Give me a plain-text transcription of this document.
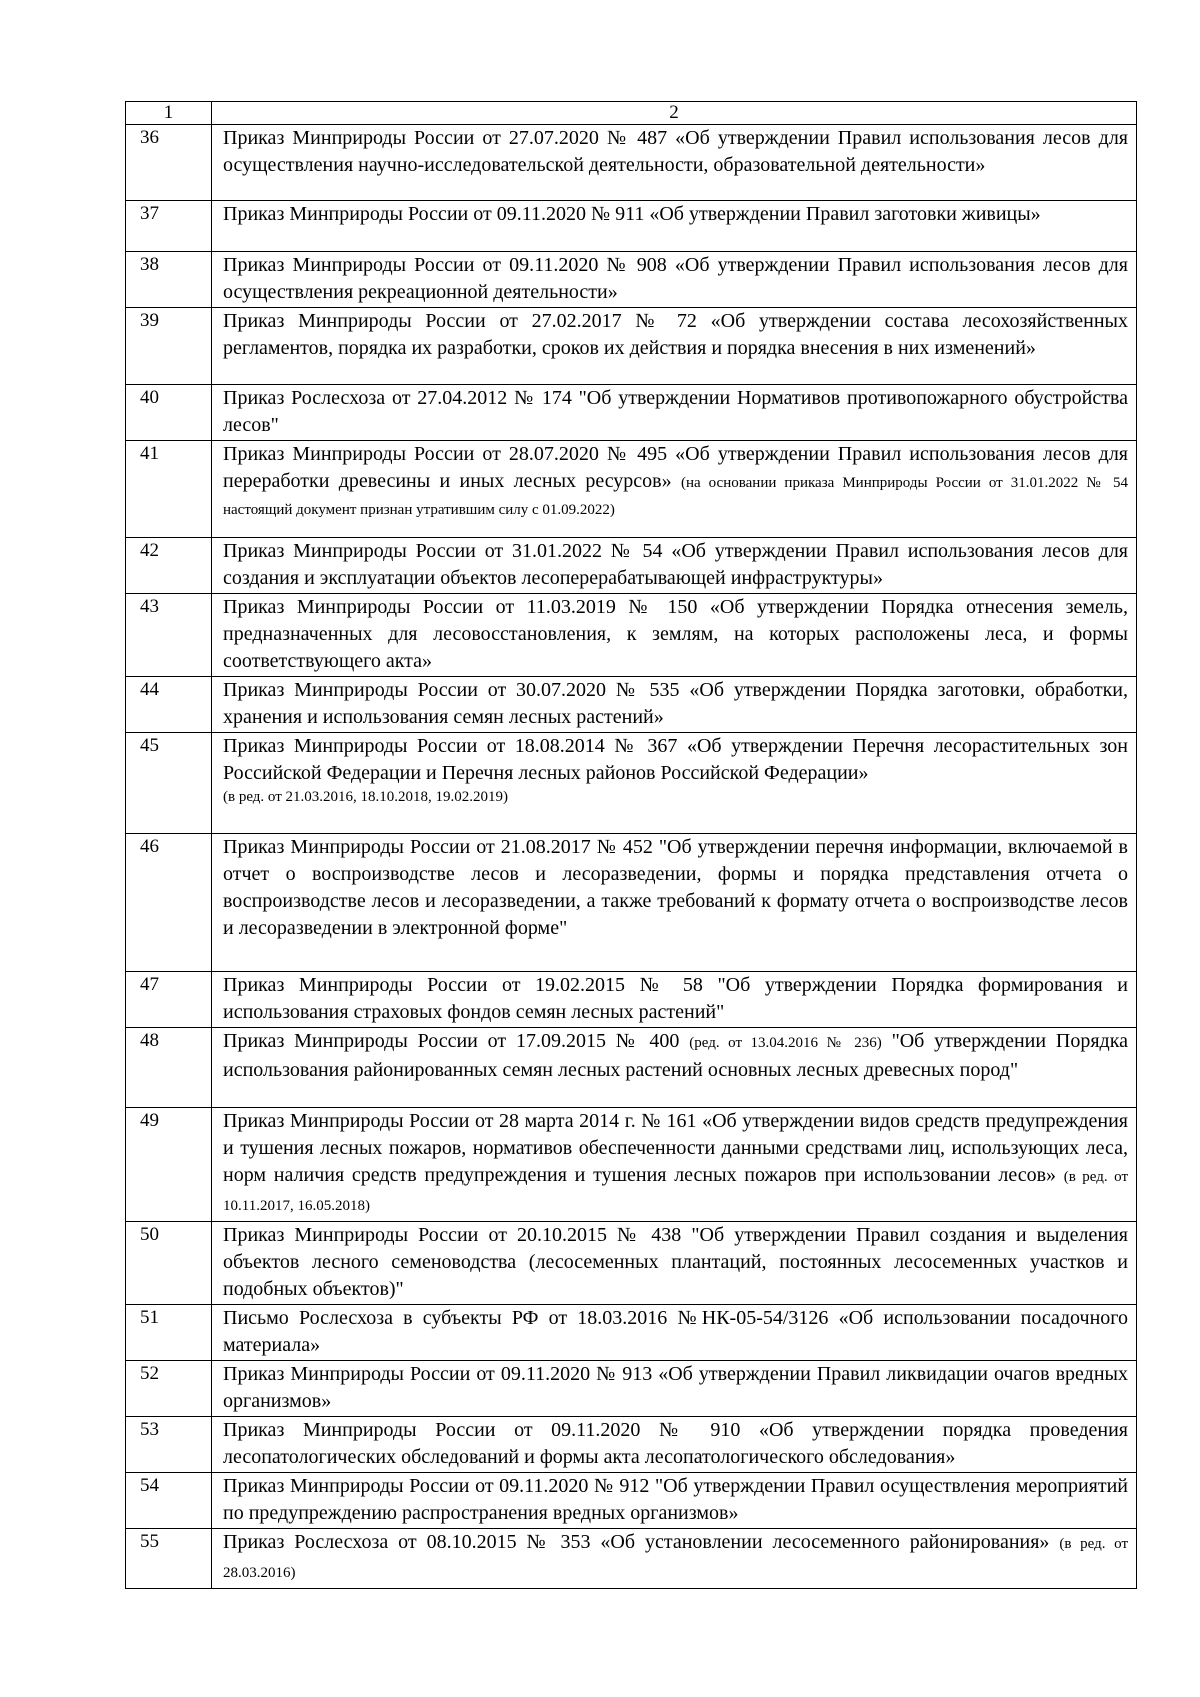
1	2
36	Приказ Минприроды России от 27.07.2020 № 487 «Об утверждении Правил использования лесов для осуществления научно-исследовательской деятельности, образовательной деятельности»
37	Приказ Минприроды России от 09.11.2020 № 911 «Об утверждении Правил заготовки живицы»
38	Приказ Минприроды России от 09.11.2020 № 908 «Об утверждении Правил использования лесов для осуществления рекреационной деятельности»
39	Приказ Минприроды России от 27.02.2017 № 72 «Об утверждении состава лесохозяйственных регламентов, порядка их разработки, сроков их действия и порядка внесения в них изменений»
40	Приказ Рослесхоза от 27.04.2012 № 174 "Об утверждении Нормативов противопожарного обустройства лесов"
41	Приказ Минприроды России от 28.07.2020 № 495 «Об утверждении Правил использования лесов для переработки древесины и иных лесных ресурсов» (на основании приказа Минприроды России от 31.01.2022 № 54 настоящий документ признан утратившим силу с 01.09.2022)
42	Приказ Минприроды России от 31.01.2022 № 54 «Об утверждении Правил использования лесов для создания и эксплуатации объектов лесоперерабатывающей инфраструктуры»
43	Приказ Минприроды России от 11.03.2019 № 150 «Об утверждении Порядка отнесения земель, предназначенных для лесовосстановления, к землям, на которых расположены леса, и формы соответствующего акта»
44	Приказ Минприроды России от 30.07.2020 № 535 «Об утверждении Порядка заготовки, обработки, хранения и использования семян лесных растений»
45	Приказ Минприроды России от 18.08.2014 № 367 «Об утверждении Перечня лесорастительных зон Российской Федерации и Перечня лесных районов Российской Федерации»
(в ред. от 21.03.2016, 18.10.2018, 19.02.2019)

46	Приказ Минприроды России от 21.08.2017 № 452 "Об утверждении перечня информации, включаемой в отчет о воспроизводстве лесов и лесоразведении, формы и порядка представления отчета о воспроизводстве лесов и лесоразведении, а также требований к формату отчета о воспроизводстве лесов и лесоразведении в электронной форме"
47	Приказ Минприроды России от 19.02.2015 № 58 "Об утверждении Порядка формирования и использования страховых фондов семян лесных растений"
48	Приказ Минприроды России от 17.09.2015 № 400 (ред. от 13.04.2016 № 236) "Об утверждении Порядка использования районированных семян лесных растений основных лесных древесных пород"
49	Приказ Минприроды России от 28 марта 2014 г. № 161 «Об утверждении видов средств предупреждения и тушения лесных пожаров, нормативов обеспеченности данными средствами лиц, использующих леса, норм наличия средств предупреждения и тушения лесных пожаров при использовании лесов» (в ред. от 10.11.2017, 16.05.2018)
50	Приказ Минприроды России от 20.10.2015 № 438 "Об утверждении Правил создания и выделения объектов лесного семеноводства (лесосеменных плантаций, постоянных лесосеменных участков и подобных объектов)"
51	Письмо Рослесхоза в субъекты РФ от 18.03.2016 №НК-05-54/3126 «Об использовании посадочного материала»
52	Приказ Минприроды России от 09.11.2020 № 913 «Об утверждении Правил ликвидации очагов вредных организмов»
53	Приказ Минприроды России от 09.11.2020 № 910 «Об утверждении порядка проведения лесопатологических обследований и формы акта лесопатологического обследования»
54	Приказ Минприроды России от 09.11.2020 № 912 "Об утверждении Правил осуществления мероприятий по предупреждению распространения вредных организмов»
55	Приказ Рослесхоза от 08.10.2015 № 353 «Об установлении лесосеменного районирования» (в ред. от 28.03.2016)
